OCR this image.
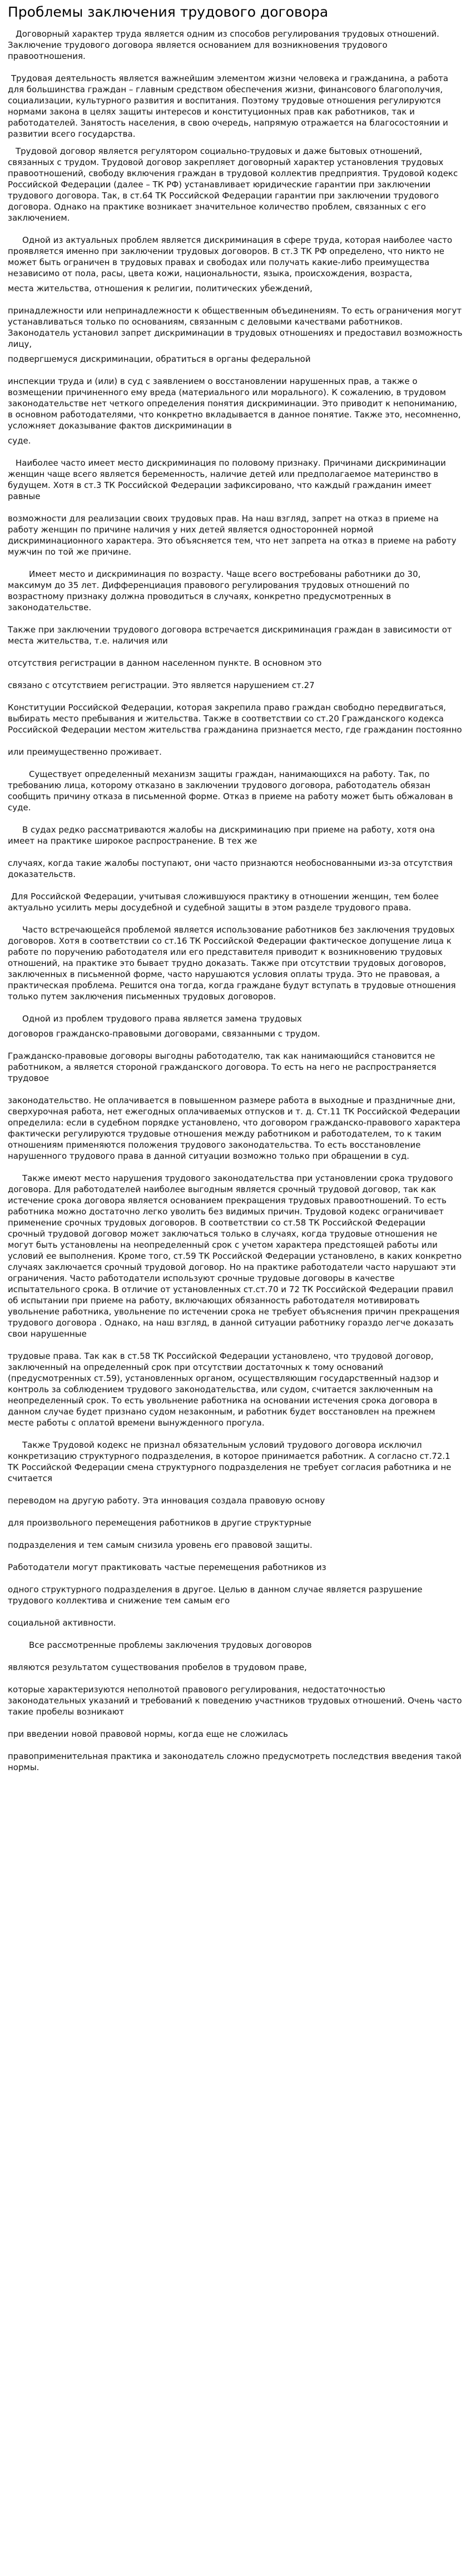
Проблемы заключения трудового договора

Договорный характер труда является одним из способов регулирования трудовых отношений. Заключение трудового договора является основанием для возникновения трудового правоотношения.

Трудовая деятельность является важнейшим элементом жизни человека и гражданина, а работа для большинства граждан – главным средством обеспечения жизни, финансового благополучия, социализации, культурного развития и воспитания. Поэтому трудовые отношения регулируются нормами закона в целях защиты интересов и конституционных прав как работников, так и работодателей. Занятость населения, в свою очередь, напрямую отражается на благосостоянии и развитии всего государства.

Трудовой договор является регулятором социально-трудовых и даже бытовых отношений, связанных с трудом. Трудовой договор закрепляет договорный характер установления трудовых правоотношений, свободу включения граждан в трудовой коллектив предприятия. Трудовой кодекс Российской Федерации (далее – ТК РФ) устанавливает юридические гарантии при заключении трудового договора. Так, в ст.64 ТК Российской Федерации гарантии при заключении трудового договора. Однако на практике возникает значительное количество проблем, связанных с его заключением.

Одной из актуальных проблем является дискриминация в сфере труда, которая наиболее часто проявляется именно при заключении трудовых договоров. В ст.3 ТК РФ определено, что никто не может быть ограничен в трудовых правах и свободах или получать какие-либо преимущества независимо от пола, расы, цвета кожи, национальности, языка, происхождения, возраста,

места жительства, отношения к религии, политических убеждений,

принадлежности или непринадлежности к общественным объединениям. То есть ограничения могут устанавливаться только по основаниям, связанным с деловыми качествами работников. Законодатель установил запрет дискриминации в трудовых отношениях и предоставил возможность лицу,

подвергшемуся дискриминации, обратиться в органы федеральной

инспекции труда и (или) в суд с заявлением о восстановлении нарушенных прав, а также о возмещении причиненного ему вреда (материального или морального). К сожалению, в трудовом законодательстве нет четкого определения понятия дискриминации. Это приводит к непониманию, в основном работодателями, что конкретно вкладывается в данное понятие. Также это, несомненно, усложняет доказывание фактов дискриминации в

суде.

Наиболее часто имеет место дискриминация по половому признаку. Причинами дискриминации женщин чаще всего является беременность, наличие детей или предполагаемое материнство в будущем. Хотя в ст.3 ТК Российской Федерации зафиксировано, что каждый гражданин имеет равные

возможности для реализации своих трудовых прав. На наш взгляд, запрет на отказ в приеме на работу женщин по причине наличия у них детей является односторонней нормой дискриминационного характера. Это объясняется тем, что нет запрета на отказ в приеме на работу мужчин по той же причине.

Имеет место и дискриминация по возрасту. Чаще всего востребованы работники до 30, максимум до 35 лет. Дифференциация правового регулирования трудовых отношений по возрастному признаку должна проводиться в случаях, конкретно предусмотренных в законодательстве.

Также при заключении трудового договора встречается дискриминация граждан в зависимости от места жительства, т.е. наличия или

отсутствия регистрации в данном населенном пункте. В основном это

связано с отсутствием регистрации. Это является нарушением ст.27

Конституции Российской Федерации, которая закрепила право граждан свободно передвигаться, выбирать место пребывания и жительства. Также в соответствии со ст.20 Гражданского кодекса Российской Федерации местом жительства гражданина признается место, где гражданин постоянно

или преимущественно проживает.

Существует определенный механизм защиты граждан, нанимающихся на работу. Так, по требованию лица, которому отказано в заключении трудового договора, работодатель обязан сообщить причину отказа в письменной форме. Отказ в приеме на работу может быть обжалован в суде.

В судах редко рассматриваются жалобы на дискриминацию при приеме на работу, хотя она имеет на практике широкое распространение. В тех же

случаях, когда такие жалобы поступают, они часто признаются необоснованными из-за отсутствия доказательств.

Для Российской Федерации, учитывая сложившуюся практику в отношении женщин, тем более актуально усилить меры досудебной и судебной защиты в этом разделе трудового права.

Часто встречающейся проблемой является использование работников без заключения трудовых договоров. Хотя в соответствии со ст.16 ТК Российской Федерации фактическое допущение лица к работе по поручению работодателя или его представителя приводит к возникновению трудовых отношений, на практике это бывает трудно доказать. Также при отсутствии трудовых договоров, заключенных в письменной форме, часто нарушаются условия оплаты труда. Это не правовая, а практическая проблема. Решится она тогда, когда граждане будут вступать в трудовые отношения только путем заключения письменных трудовых договоров.

Одной из проблем трудового права является замена трудовых

договоров гражданско-правовыми договорами, связанными с трудом.

Гражданско-правовые договоры выгодны работодателю, так как нанимающийся становится не работником, а является стороной гражданского договора. То есть на него не распространяется трудовое

законодательство. Не оплачивается в повышенном размере работа в выходные и праздничные дни, сверхурочная работа, нет ежегодных оплачиваемых отпусков и т. д. Ст.11 ТК Российской Федерации определила: если в судебном порядке установлено, что договором гражданско-правового характера фактически регулируются трудовые отношения между работником и работодателем, то к таким отношениям применяются положения трудового законодательства. То есть восстановление нарушенного трудового права в данной ситуации возможно только при обращении в суд.

Также имеют место нарушения трудового законодательства при установлении срока трудового договора. Для работодателей наиболее выгодным является срочный трудовой договор, так как истечение срока договора является основанием прекращения трудовых правоотношений. То есть работника можно достаточно легко уволить без видимых причин. Трудовой кодекс ограничивает применение срочных трудовых договоров. В соответствии со ст.58 ТК Российской Федерации срочный трудовой договор может заключаться только в случаях, когда трудовые отношения не могут быть установлены на неопределенный срок с учетом характера предстоящей работы или условий ее выполнения. Кроме того, ст.59 ТК Российской Федерации установлено, в каких конкретно случаях заключается срочный трудовой договор. Но на практике работодатели часто нарушают эти ограничения. Часто работодатели используют срочные трудовые договоры в качестве испытательного срока. В отличие от установленных ст.ст.70 и 72 ТК Российской Федерации правил об испытании при приеме на работу, включающих обязанность работодателя мотивировать увольнение работника, увольнение по истечении срока не требует объяснения причин прекращения трудового договора . Однако, на наш взгляд, в данной ситуации работнику гораздо легче доказать свои нарушенные

трудовые права. Так как в ст.58 ТК Российской Федерации установлено, что трудовой договор, заключенный на определенный срок при отсутствии достаточных к тому оснований (предусмотренных ст.59), установленных органом, осуществляющим государственный надзор и контроль за соблюдением трудового законодательства, или судом, считается заключенным на неопределенный срок. То есть увольнение работника на основании истечения срока договора в данном случае будет признано судом незаконным, и работник будет восстановлен на прежнем месте работы с оплатой времени вынужденного прогула.

Также Трудовой кодекс не признал обязательным условий трудового договора исключил конкретизацию структурного подразделения, в которое принимается работник. А согласно ст.72.1 ТК Российской Федерации смена структурного подразделения не требует согласия работника и не считается

переводом на другую работу. Эта инновация создала правовую основу

для произвольного перемещения работников в другие структурные

подразделения и тем самым снизила уровень его правовой защиты.

Работодатели могут практиковать частые перемещения работников из

одного структурного подразделения в другое. Целью в данном случае является разрушение трудового коллектива и снижение тем самым его

социальной активности.

Все рассмотренные проблемы заключения трудовых договоров

являются результатом существования пробелов в трудовом праве,

которые характеризуются неполнотой правового регулирования, недостаточностью законодательных указаний и требований к поведению участников трудовых отношений. Очень часто такие пробелы возникают

при введении новой правовой нормы, когда еще не сложилась

правоприменительная практика и законодатель сложно предусмотреть последствия введения такой нормы.
